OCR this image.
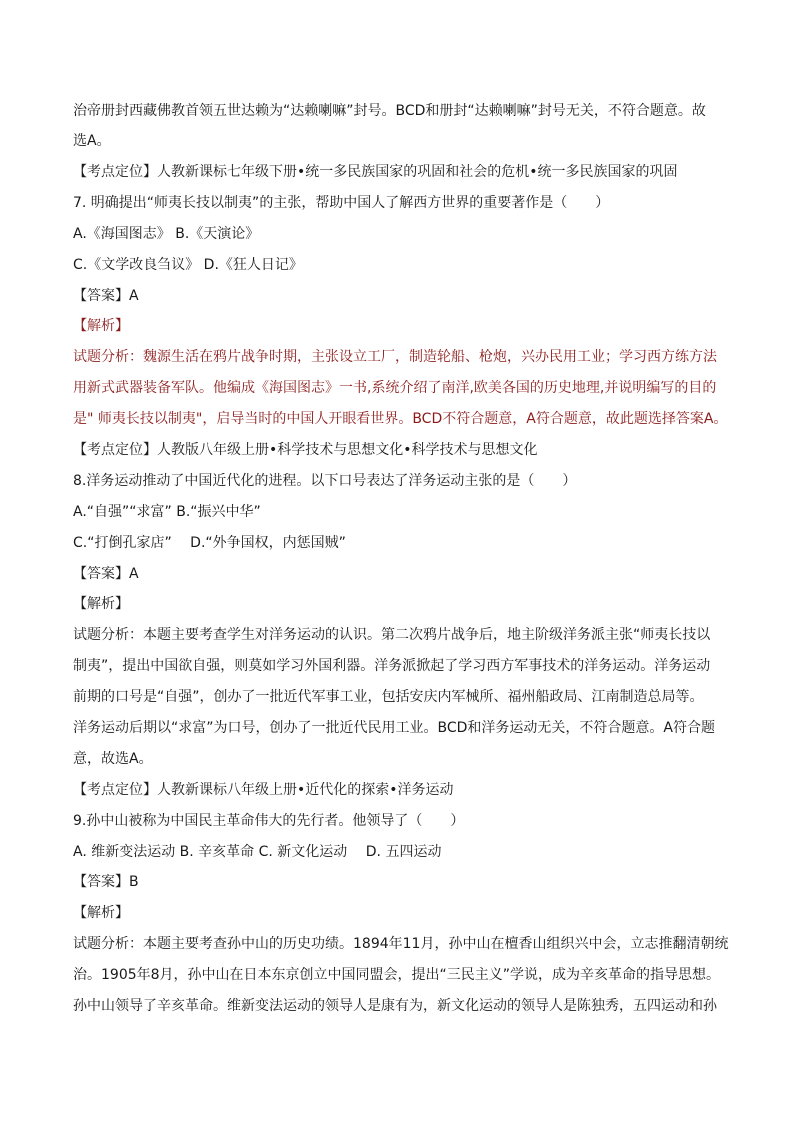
治帝册封西藏佛教首领五世达赖为“达赖喇嘛”封号。BCD和册封“达赖喇嘛”封号无关，不符合题意。故
选A。
【考点定位】人教新课标七年级下册•统一多民族国家的巩固和社会的危机•统一多民族国家的巩固
7. 明确提出“师夷长技以制夷”的主张，帮助中国人了解西方世界的重要著作是（　　）
A.《海国图志》 B.《天演论》
C.《文学改良刍议》 D.《狂人日记》
【答案】A
【解析】
试题分析：魏源生活在鸦片战争时期，主张设立工厂，制造轮船、枪炮，兴办民用工业；学习西方练方法
用新式武器装备军队。他编成《海国图志》一书,系统介绍了南洋,欧美各国的历史地理,并说明编写的目的
是" 师夷长技以制夷"，启导当时的中国人开眼看世界。BCD不符合题意，A符合题意，故此题选择答案A。
【考点定位】人教版八年级上册•科学技术与思想文化•科学技术与思想文化
8.洋务运动推动了中国近代化的进程。以下口号表达了洋务运动主张的是（　　）
A.“自强”“求富” B.“振兴中华”
C.“打倒孔家店”　 D.“外争国权，内惩国贼”
【答案】A
【解析】
试题分析：本题主要考查学生对洋务运动的认识。第二次鸦片战争后，地主阶级洋务派主张“师夷长技以
制夷”，提出中国欲自强，则莫如学习外国利器。洋务派掀起了学习西方军事技术的洋务运动。洋务运动
前期的口号是“自强”，创办了一批近代军事工业，包括安庆内军械所、福州船政局、江南制造总局等。
洋务运动后期以“求富”为口号，创办了一批近代民用工业。BCD和洋务运动无关，不符合题意。A符合题
意，故选A。
【考点定位】人教新课标八年级上册•近代化的探索•洋务运动
9.孙中山被称为中国民主革命伟大的先行者。他领导了（　　）
A. 维新变法运动 B. 辛亥革命 C. 新文化运动　 D. 五四运动
【答案】B
【解析】
试题分析：本题主要考查孙中山的历史功绩。1894年11月，孙中山在檀香山组织兴中会，立志推翻清朝统
治。1905年8月，孙中山在日本东京创立中国同盟会，提出“三民主义”学说，成为辛亥革命的指导思想。
孙中山领导了辛亥革命。维新变法运动的领导人是康有为，新文化运动的领导人是陈独秀，五四运动和孙
